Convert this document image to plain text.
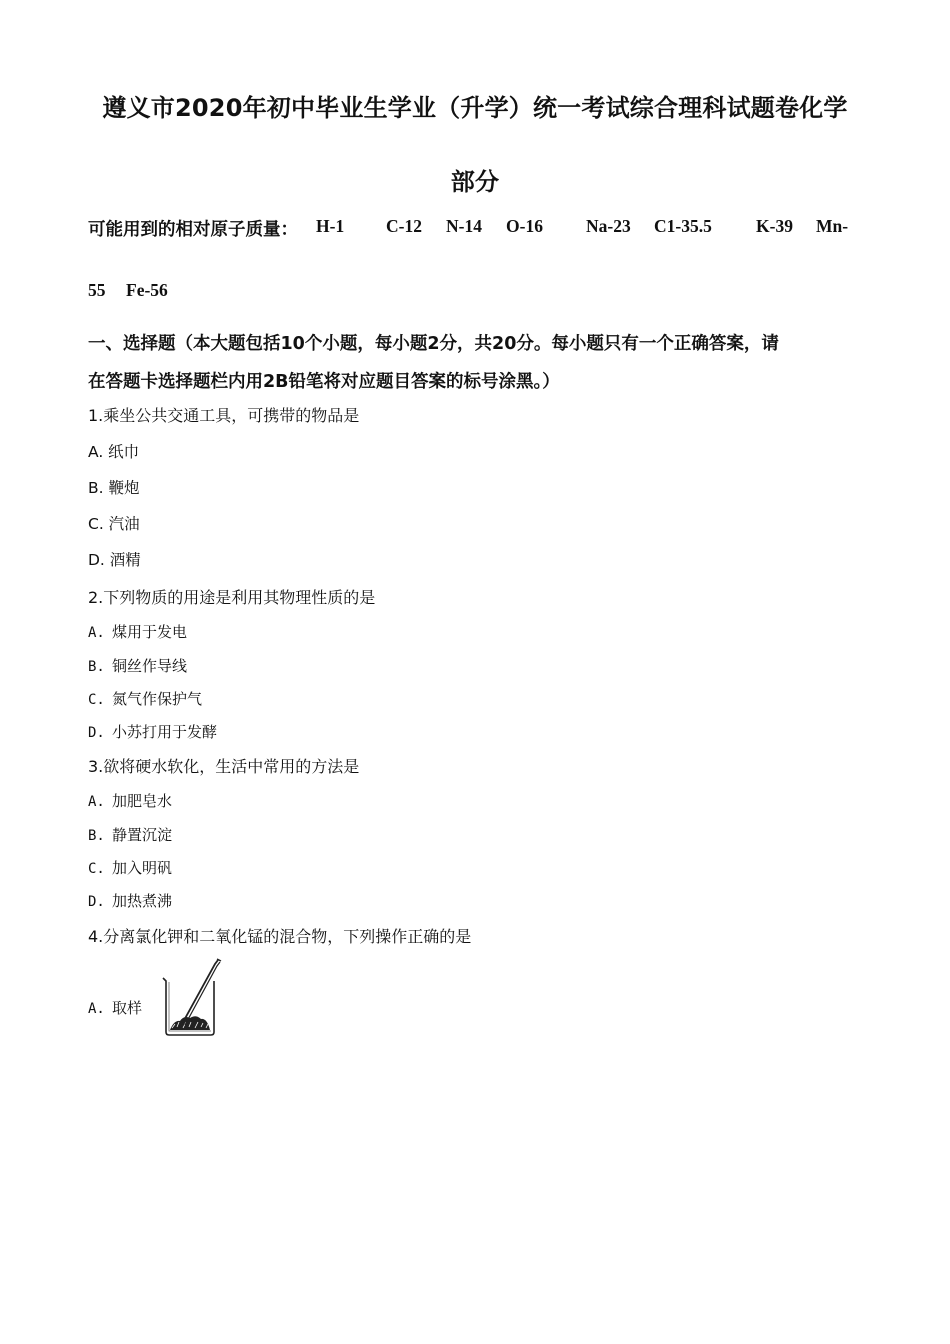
遵义市2020年初中毕业生学业（升学）统一考试综合理科试题卷化学
部分
可能用到的相对原子质量： H-1 C-12 N-14 O-16 Na-23 C1-35.5	K-39 Mn-
55 Fe-56
一、选择题（本大题包括10个小题，每小题2分，共20分。每小题只有一个正确答案，请
在答题卡选择题栏内用2B铅笔将对应题目答案的标号涂黑。）
1.乘坐公共交通工具，可携带的物品是
A. 纸巾
B. 鞭炮
C. 汽油
D. 酒精
2.下列物质的用途是利用其物理性质的是
A. 煤用于发电
B. 铜丝作导线
C. 氮气作保护气
D. 小苏打用于发酵
3.欲将硬水软化，生活中常用的方法是
A. 加肥皂水
B. 静置沉淀
C. 加入明矾
D. 加热煮沸
4.分离氯化钾和二氧化锰的混合物，下列操作正确的是
A. 取样
